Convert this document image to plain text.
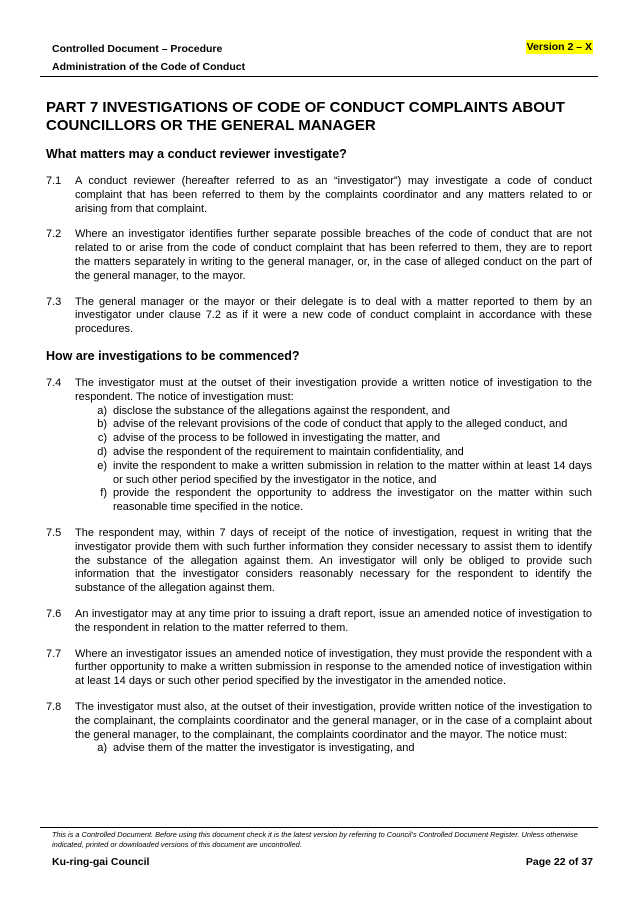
Controlled Document – Procedure
Administration of the Code of Conduct
Version 2 – X
PART 7 INVESTIGATIONS OF CODE OF CONDUCT COMPLAINTS ABOUT COUNCILLORS OR THE GENERAL MANAGER
What matters may a conduct reviewer investigate?
7.1	A conduct reviewer (hereafter referred to as an “investigator”) may investigate a code of conduct complaint that has been referred to them by the complaints coordinator and any matters related to or arising from that complaint.
7.2	Where an investigator identifies further separate possible breaches of the code of conduct that are not related to or arise from the code of conduct complaint that has been referred to them, they are to report the matters separately in writing to the general manager, or, in the case of alleged conduct on the part of the general manager, to the mayor.
7.3	The general manager or the mayor or their delegate is to deal with a matter reported to them by an investigator under clause 7.2 as if it were a new code of conduct complaint in accordance with these procedures.
How are investigations to be commenced?
7.4	The investigator must at the outset of their investigation provide a written notice of investigation to the respondent. The notice of investigation must:
a) disclose the substance of the allegations against the respondent, and
b) advise of the relevant provisions of the code of conduct that apply to the alleged conduct, and
c) advise of the process to be followed in investigating the matter, and
d) advise the respondent of the requirement to maintain confidentiality, and
e) invite the respondent to make a written submission in relation to the matter within at least 14 days or such other period specified by the investigator in the notice, and
f) provide the respondent the opportunity to address the investigator on the matter within such reasonable time specified in the notice.
7.5	The respondent may, within 7 days of receipt of the notice of investigation, request in writing that the investigator provide them with such further information they consider necessary to assist them to identify the substance of the allegation against them. An investigator will only be obliged to provide such information that the investigator considers reasonably necessary for the respondent to identify the substance of the allegation against them.
7.6	An investigator may at any time prior to issuing a draft report, issue an amended notice of investigation to the respondent in relation to the matter referred to them.
7.7	Where an investigator issues an amended notice of investigation, they must provide the respondent with a further opportunity to make a written submission in response to the amended notice of investigation within at least 14 days or such other period specified by the investigator in the amended notice.
7.8	The investigator must also, at the outset of their investigation, provide written notice of the investigation to the complainant, the complaints coordinator and the general manager, or in the case of a complaint about the general manager, to the complainant, the complaints coordinator and the mayor. The notice must:
a) advise them of the matter the investigator is investigating, and
This is a Controlled Document. Before using this document check it is the latest version by referring to Council’s Controlled Document Register. Unless otherwise indicated, printed or downloaded versions of this document are uncontrolled.
Ku-ring-gai Council	Page 22 of 37
